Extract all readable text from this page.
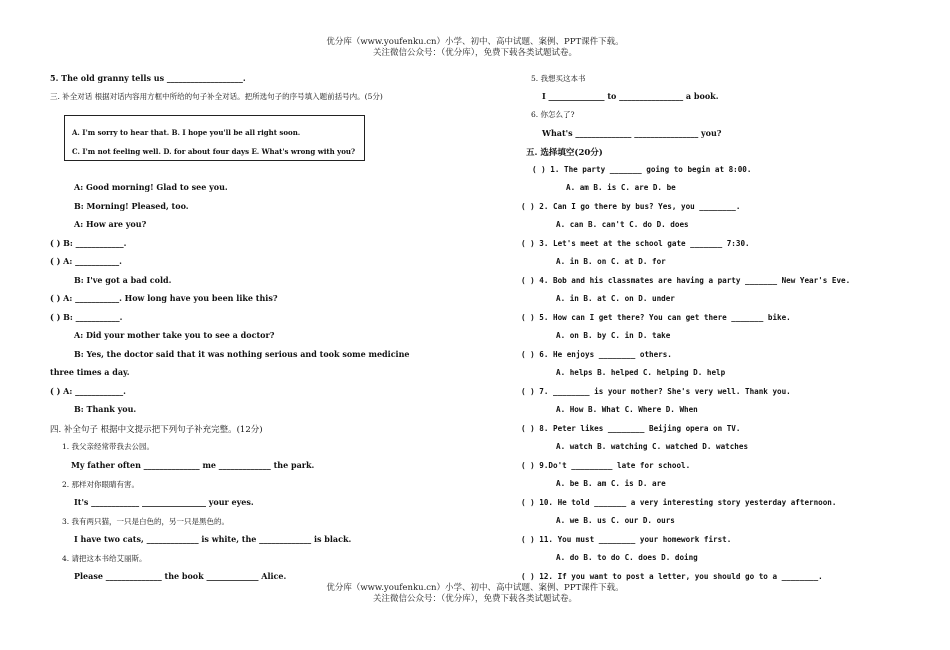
优分库（www.youfenku.cn）小学、初中、高中试题、案例、PPT课件下载。
关注微信公众号：（优分库），免费下载各类试题试卷。
5. The old granny tells us ___________________.
三. 补全对话 根据对话内容用方框中所给的句子补全对话。把所选句子的序号填入题前括号内。(5分)
A. I'm sorry to hear that. B. I hope you'll be all right soon.
C. I'm not feeling well. D. for about four days E. What's wrong with you?
A: Good morning! Glad to see you.
B: Morning! Pleased, too.
A: How are you?
( ) B: ____________.
( ) A: ___________.
B: I've got a bad cold.
( ) A: ___________. How long have you been like this?
( ) B: ___________.
A: Did your mother take you to see a doctor?
B: Yes, the doctor said that it was nothing serious and took some medicine
three times a day.
( ) A: ____________.
B: Thank you.
四. 补全句子 根据中文提示把下列句子补充完整。(12分)
1. 我父亲经常带我去公园。
My father often ______________ me _____________ the park.
2. 那样对你眼睛有害。
It's ____________ ________________ your eyes.
3. 我有两只猫，一只是白色的，另一只是黑色的。
I have two cats, _____________ is white, the _____________ is black.
4. 请把这本书给艾丽斯。
Please ______________ the book _____________ Alice.
5. 我想买这本书
I ______________ to ________________ a book.
6. 你怎么了?
What's ______________ ________________ you?
五. 选择填空(20分)
( ) 1. The party _______ going to begin at 8:00.
A. am B. is C. are D. be
( ) 2. Can I go there by bus? Yes, you ________.
A. can B. can't C. do D. does
( ) 3. Let's meet at the school gate _______ 7:30.
A. in B. on C. at D. for
( ) 4. Bob and his classmates are having a party _______ New Year's Eve.
A. in B. at C. on D. under
( ) 5. How can I get there? You can get there _______ bike.
A. on B. by C. in D. take
( ) 6. He enjoys ________ others.
A. helps B. helped C. helping D. help
( ) 7. ________ is your mother? She's very well. Thank you.
A. How B. What C. Where D. When
( ) 8. Peter likes ________ Beijing opera on TV.
A. watch B. watching C. watched D. watches
( ) 9.Do't _________ late for school.
A. be B. am C. is D. are
( ) 10. He told _______ a very interesting story yesterday afternoon.
A. we B. us C. our D. ours
( ) 11. You must ________ your homework first.
A. do B. to do C. does D. doing
( ) 12. If you want to post a letter, you should go to a ________.
优分库（www.youfenku.cn）小学、初中、高中试题、案例、PPT课件下载。
关注微信公众号：（优分库），免费下载各类试题试卷。
